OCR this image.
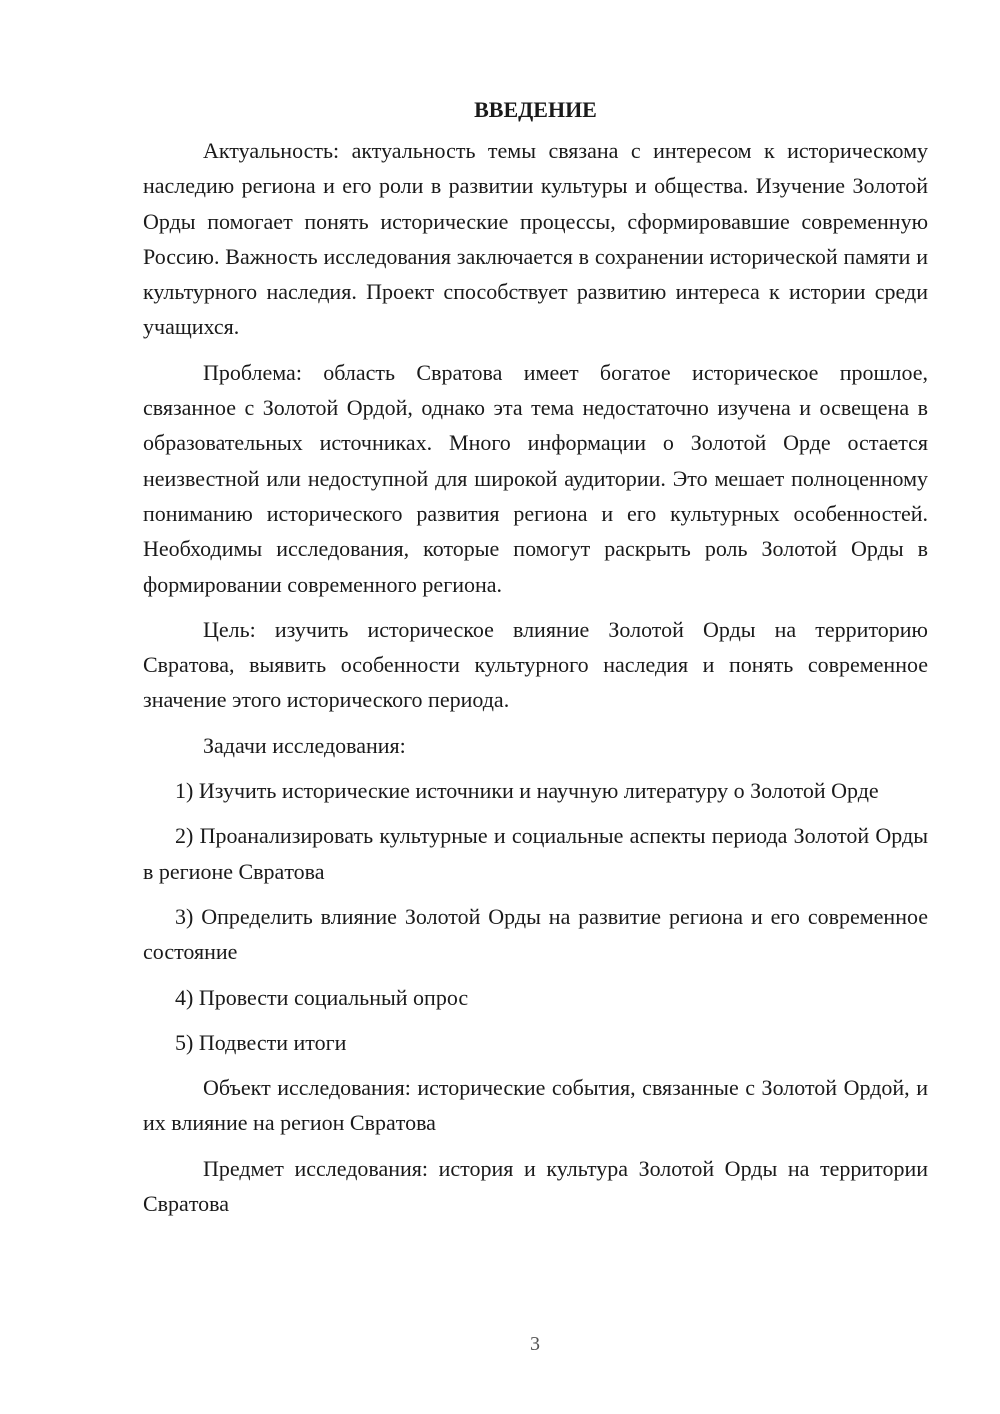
ВВЕДЕНИЕ

Актуальность: актуальность темы связана с интересом к историческому наследию региона и его роли в развитии культуры и общества. Изучение Золотой Орды помогает понять исторические процессы, сформировавшие современную Россию. Важность исследования заключается в сохранении исторической памяти и культурного наследия. Проект способствует развитию интереса к истории среди учащихся.

Проблема: область Сврaтова имеет богатое историческое прошлое, связанное с Золотой Ордой, однако эта тема недостаточно изучена и освещена в образовательных источниках. Много информации о Золотой Орде остается неизвестной или недоступной для широкой аудитории. Это мешает полноценному пониманию исторического развития региона и его культурных особенностей. Необходимы исследования, которые помогут раскрыть роль Золотой Орды в формировании современного региона.

Цель: изучить историческое влияние Золотой Орды на территорию Сврaтова, выявить особенности культурного наследия и понять современное значение этого исторического периода.

Задачи исследования:

1) Изучить исторические источники и научную литературу о Золотой Орде

2) Проанализировать культурные и социальные аспекты периода Золотой Орды в регионе Сврaтова

3) Определить влияние Золотой Орды на развитие региона и его современное состояние

4) Провести социальный опрос

5) Подвести итоги

Объект исследования: исторические события, связанные с Золотой Ордой, и их влияние на регион Сврaтова

Предмет исследования: история и культура Золотой Орды на территории Сврaтова

3
